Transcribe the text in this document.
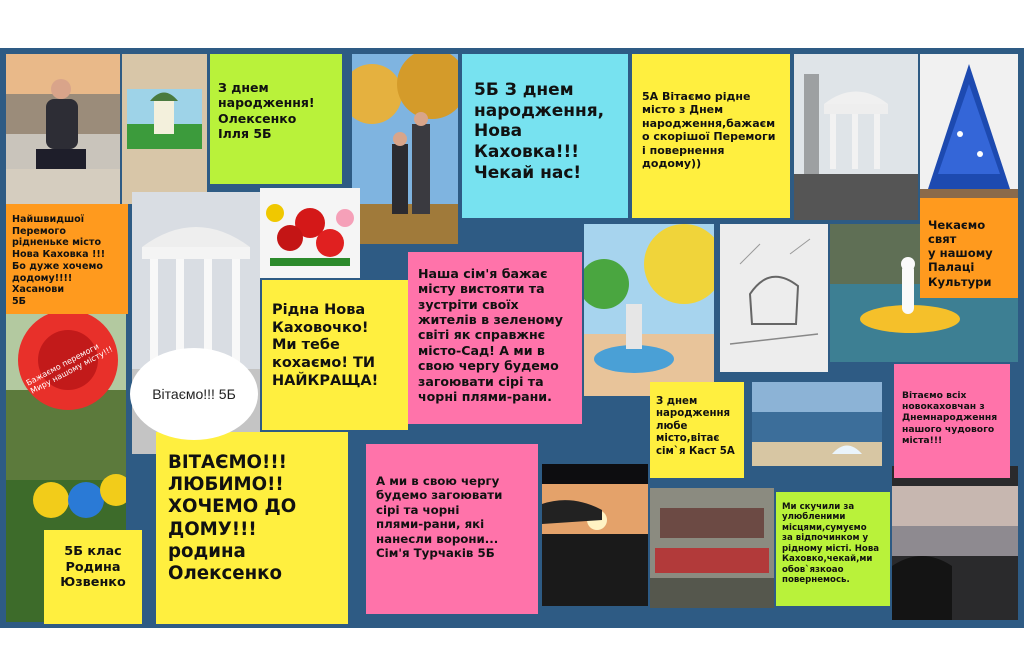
Бажаємо перемоги
Миру нашому місту!!!
З днем
народження!
Олексенко
Ілля 5Б
5Б З днем
народження,
Нова
Каховка!!!
Чекай нас!
5А Вітаємо рідне
місто з Днем
народження,бажаєм
о скорішої Перемоги
і повернення
додому))
Найшвидшої
Перемого
рідненьке місто
Нова Каховка !!!
Бо дуже хочемо
додому!!!! Хасанови
5Б
Рідна Нова
Каховочко!
Ми тебе
кохаємо! ТИ
НАЙКРАЩА!
Наша сім'я бажає
місту вистояти та
зустріти своїх
жителів в зеленому
світі як справжнє
місто-Сад! А ми в
свою чергу будемо
загоювати сірі та
чорні плями-рани.
Чекаємо свят
у нашому
Палаці
Культури
З днем
народження
любе
місто,вітає
сім`я Каст 5А
Вітаємо всіх
новокаховчан з
Днемнародження
нашого чудового
міста!!!
ВІТАЄМО!!!
ЛЮБИМО!!
ХОЧЕМО ДО
ДОМУ!!!
родина
Олексенко
А ми в свою чергу
будемо загоювати
сірі та чорні
плями-рани, які
нанесли ворони...
Сім'я Турчаків 5Б
5Б клас
Родина
Юзвенко
Ми скучили за
улюбленими
місцями,сумуємо
за відпочинком у
рідному місті. Нова
Каховко,чекай,ми
обов`язкоао
повернемось.
Вітаємо!!! 5Б
